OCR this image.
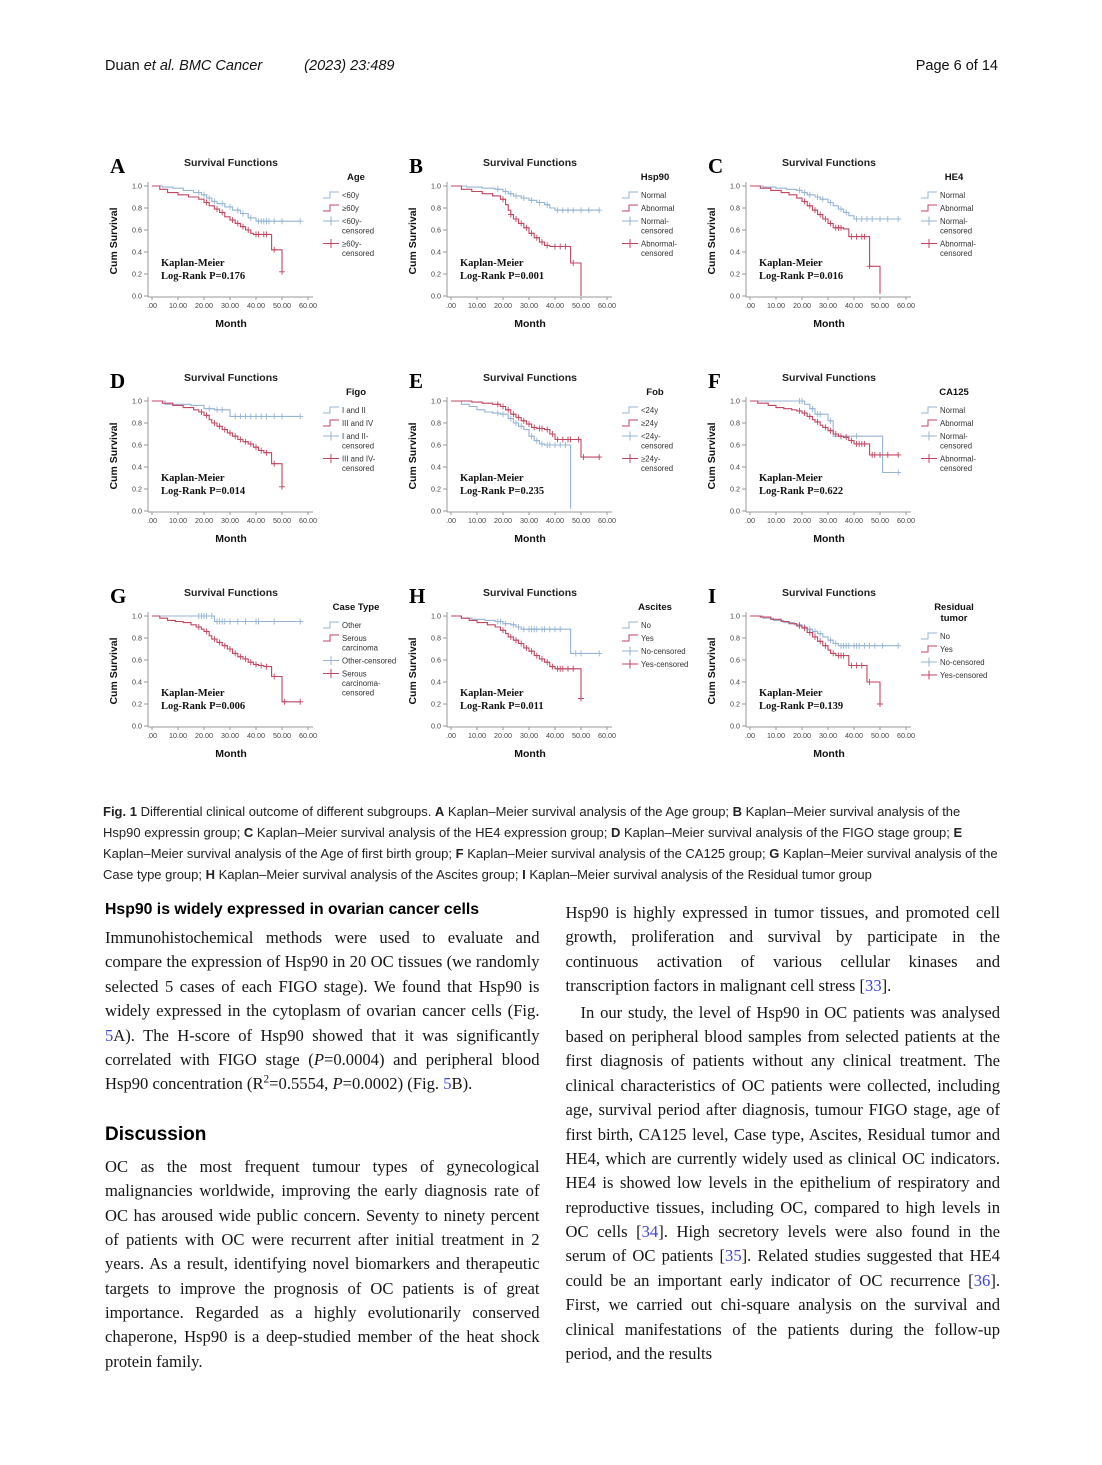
Duan et al. BMC Cancer	(2023) 23:489	Page 6 of 14
A	Survival Functions
.00 10.00 20.00 30.00 40.00 50.00 60.00
0.0
0.2
0.4
0.6
0.8
1.0
Month
Cum Survival	Kaplan-Meier
Log-Rank P=0.176
Age
<60y
≥60y
<60y-censored
≥60y-censored
B	Survival Functions
.00 10.00 20.00 30.00 40.00 50.00 60.00
0.0
0.2
0.4
0.6
0.8
1.0
Month
Cum Survival	Kaplan-Meier
Log-Rank P=0.001
Hsp90
Normal
Abnormal
Normal-censored
Abnormal-censored
C	Survival Functions
.00 10.00 20.00 30.00 40.00 50.00 60.00
0.0
0.2
0.4
0.6
0.8
1.0
Month
Cum Survival	Kaplan-Meier
Log-Rank P=0.016
HE4
Normal
Abnormal
Normal-censored
Abnormal-censored
D	Survival Functions
.00 10.00 20.00 30.00 40.00 50.00 60.00
0.0
0.2
0.4
0.6
0.8
1.0
Month
Cum Survival	Kaplan-Meier
Log-Rank P=0.014
Figo
I and II
III and IV
I and II-censored
III and IV-censored
E	Survival Functions
.00 10.00 20.00 30.00 40.00 50.00 60.00
0.0
0.2
0.4
0.6
0.8
1.0
Month
Cum Survival	Kaplan-Meier
Log-Rank P=0.235
Fob
<24y
≥24y
<24y-censored
≥24y-censored
F	Survival Functions
.00 10.00 20.00 30.00 40.00 50.00 60.00
0.0
0.2
0.4
0.6
0.8
1.0
Month
Cum Survival	Kaplan-Meier
Log-Rank P=0.622
CA125
Normal
Abnormal
Normal-censored
Abnormal-censored
G	Survival Functions
.00 10.00 20.00 30.00 40.00 50.00 60.00
0.0
0.2
0.4
0.6
0.8
1.0
Month
Cum Survival	Kaplan-Meier
Log-Rank P=0.006
Case Type
Other
Serous carcinoma
Other-censored
Serous carcinoma-censored
H	Survival Functions
.00 10.00 20.00 30.00 40.00 50.00 60.00
0.0
0.2
0.4
0.6
0.8
1.0
Month
Cum Survival	Kaplan-Meier
Log-Rank P=0.011
Ascites
No
Yes
No-censored
Yes-censored
I	Survival Functions
.00 10.00 20.00 30.00 40.00 50.00 60.00
0.0
0.2
0.4
0.6
0.8
1.0
Month
Cum Survival	Kaplan-Meier
Log-Rank P=0.139
Residual tumor
No
Yes
No-censored
Yes-censored

Fig. 1 Differential clinical outcome of different subgroups. A Kaplan–Meier survival analysis of the Age group; B Kaplan–Meier survival analysis of the Hsp90 expressin group; C Kaplan–Meier survival analysis of the HE4 expression group; D Kaplan–Meier survival analysis of the FIGO stage group; E Kaplan–Meier survival analysis of the Age of first birth group; F Kaplan–Meier survival analysis of the CA125 group; G Kaplan–Meier survival analysis of the Case type group; H Kaplan–Meier survival analysis of the Ascites group; I Kaplan–Meier survival analysis of the Residual tumor group

Hsp90 is widely expressed in ovarian cancer cells

Immunohistochemical methods were used to evaluate and compare the expression of Hsp90 in 20 OC tissues (we randomly selected 5 cases of each FIGO stage). We found that Hsp90 is widely expressed in the cytoplasm of ovarian cancer cells (Fig. 5A). The H-score of Hsp90 showed that it was significantly correlated with FIGO stage (P=0.0004) and peripheral blood Hsp90 concentration ($R^2=0.5554$, P=0.0002) (Fig. 5B).

Discussion

OC as the most frequent tumour types of gynecological malignancies worldwide, improving the early diagnosis rate of OC has aroused wide public concern. Seventy to ninety percent of patients with OC were recurrent after initial treatment in 2 years. As a result, identifying novel biomarkers and therapeutic targets to improve the prognosis of OC patients is of great importance. Regarded as a highly evolutionarily conserved chaperone, Hsp90 is a deep-studied member of the heat shock protein family.

Hsp90 is highly expressed in tumor tissues, and promoted cell growth, proliferation and survival by participate in the continuous activation of various cellular kinases and transcription factors in malignant cell stress [33].

In our study, the level of Hsp90 in OC patients was analysed based on peripheral blood samples from selected patients at the first diagnosis of patients without any clinical treatment. The clinical characteristics of OC patients were collected, including age, survival period after diagnosis, tumour FIGO stage, age of first birth, CA125 level, Case type, Ascites, Residual tumor and HE4, which are currently widely used as clinical OC indicators. HE4 is showed low levels in the epithelium of respiratory and reproductive tissues, including OC, compared to high levels in OC cells [34]. High secretory levels were also found in the serum of OC patients [35]. Related studies suggested that HE4 could be an important early indicator of OC recurrence [36]. First, we carried out chi-square analysis on the survival and clinical manifestations of the patients during the follow-up period, and the results
